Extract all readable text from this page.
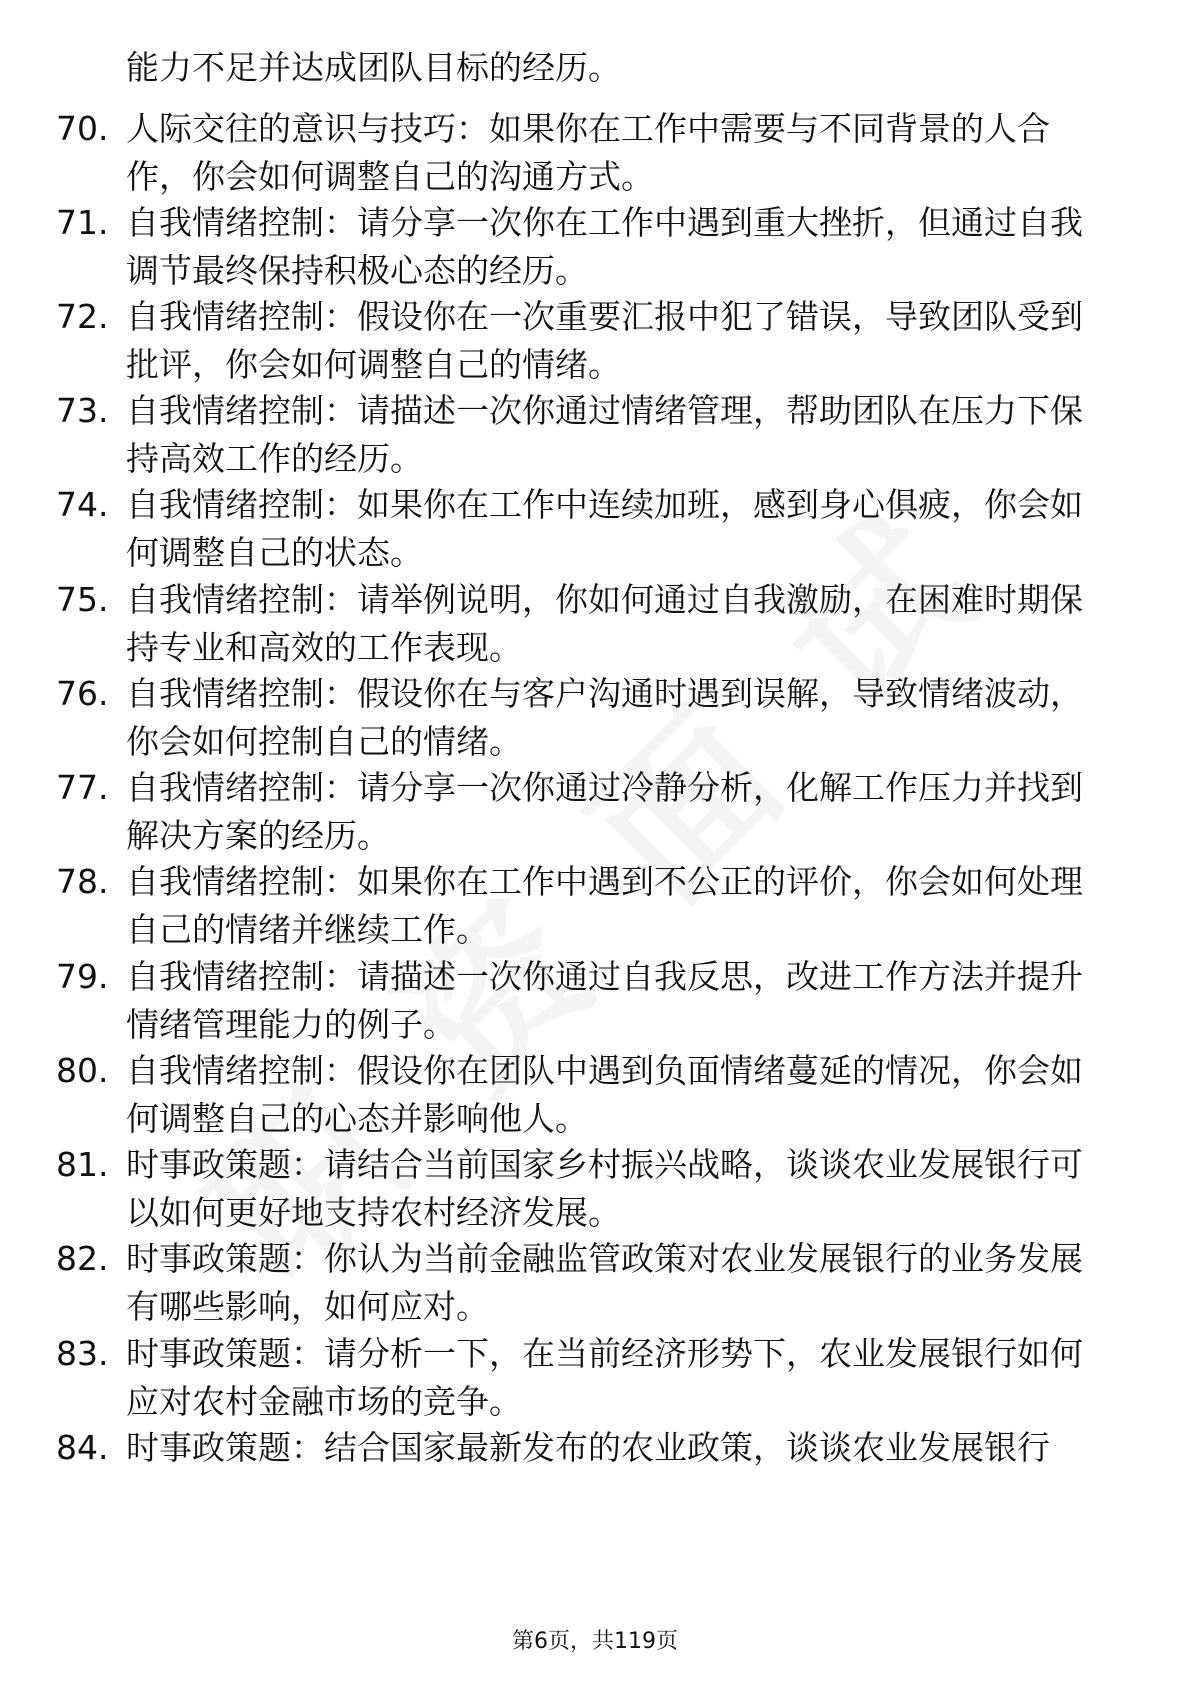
能力不足并达成团队目标的经历。

70. 人际交往的意识与技巧：如果你在工作中需要与不同背景的人合作，你会如何调整自己的沟通方式。
71. 自我情绪控制：请分享一次你在工作中遇到重大挫折，但通过自我调节最终保持积极心态的经历。
72. 自我情绪控制：假设你在一次重要汇报中犯了错误，导致团队受到批评，你会如何调整自己的情绪。
73. 自我情绪控制：请描述一次你通过情绪管理，帮助团队在压力下保持高效工作的经历。
74. 自我情绪控制：如果你在工作中连续加班，感到身心俱疲，你会如何调整自己的状态。
75. 自我情绪控制：请举例说明，你如何通过自我激励，在困难时期保持专业和高效的工作表现。
76. 自我情绪控制：假设你在与客户沟通时遇到误解，导致情绪波动，你会如何控制自己的情绪。
77. 自我情绪控制：请分享一次你通过冷静分析，化解工作压力并找到解决方案的经历。
78. 自我情绪控制：如果你在工作中遇到不公正的评价，你会如何处理自己的情绪并继续工作。
79. 自我情绪控制：请描述一次你通过自我反思，改进工作方法并提升情绪管理能力的例子。
80. 自我情绪控制：假设你在团队中遇到负面情绪蔓延的情况，你会如何调整自己的心态并影响他人。
81. 时事政策题：请结合当前国家乡村振兴战略，谈谈农业发展银行可以如何更好地支持农村经济发展。
82. 时事政策题：你认为当前金融监管政策对农业发展银行的业务发展有哪些影响，如何应对。
83. 时事政策题：请分析一下，在当前经济形势下，农业发展银行如何应对农村金融市场的竞争。
84. 时事政策题：结合国家最新发布的农业政策，谈谈农业发展银行
第6页，共119页
